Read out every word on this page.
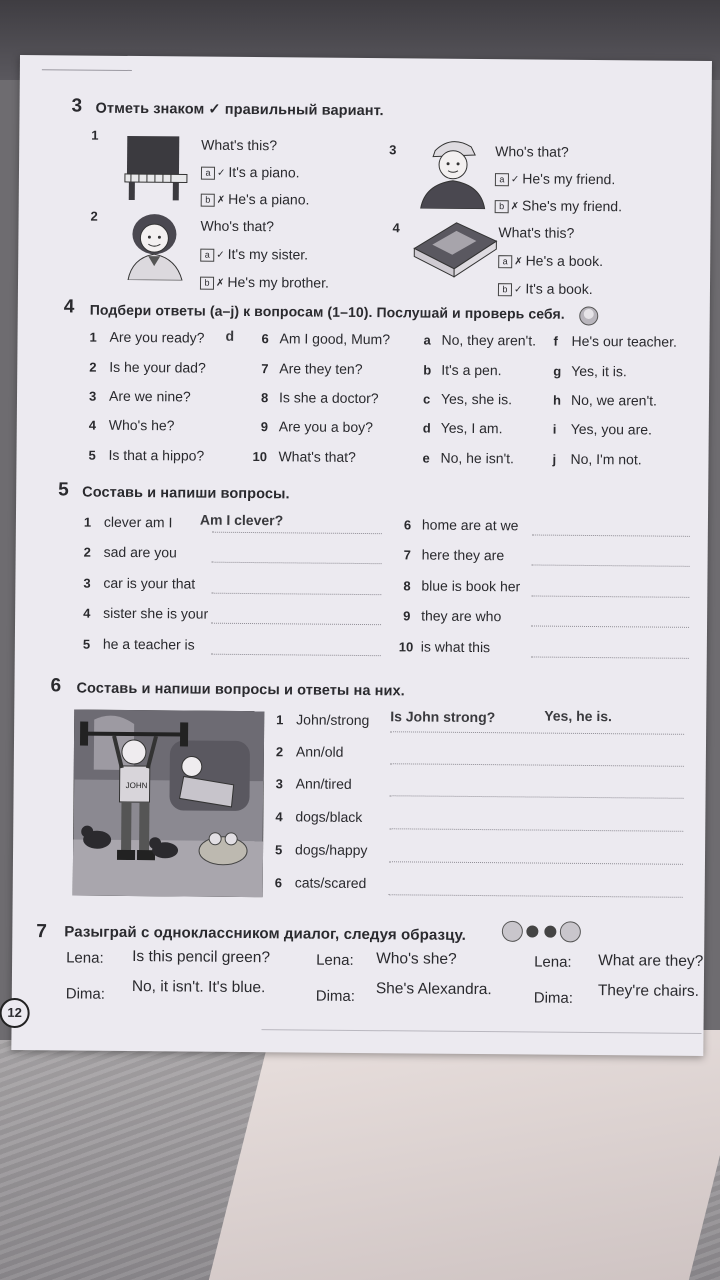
3 Отметь знаком ✓ правильный вариант.
1
What's this?
a ✓ It's a piano.
b ✗ He's a piano.
2
Who's that?
a ✓ It's my sister.
b ✗ He's my brother.
3	Who's that?
a ✓ He's my friend.
b ✗ She's my friend.
4	What's this?
a ✗ He's a book.
b ✓ It's a book.
4 Подбери ответы (a–j) к вопросам (1–10). Послушай и проверь себя.
1 Are you ready? d
2 Is he your dad?
3 Are we nine?
4 Who's he?
5 Is that a hippo?
6 Am I good, Mum?
7 Are they ten?
8 Is she a doctor?
9 Are you a boy?
10 What's that?
a No, they aren't.
b It's a pen.
c Yes, she is.
d Yes, I am.
e No, he isn't.
f He's our teacher.
g Yes, it is.
h No, we aren't.
i Yes, you are.
j No, I'm not.
5 Составь и напиши вопросы.
1 clever am I Am I clever?
2 sad are you
3 car is your that
4 sister she is your
5 he a teacher is
6 home are at we
7 here they are
8 blue is book her
9 they are who
10 is what this
6 Составь и напиши вопросы и ответы на них.
JOHN
1 John/strong Is John strong?	Yes, he is.
2 Ann/old
3 Ann/tired
4 dogs/black
5 dogs/happy
6 cats/scared
7 Разыграй с одноклассником диалог, следуя образцу.
Lena: Is this pencil green?
Dima: No, it isn't. It's blue.
Lena: Who's she?
Dima: She's Alexandra.
Lena: What are they?
Dima: They're chairs.
12
